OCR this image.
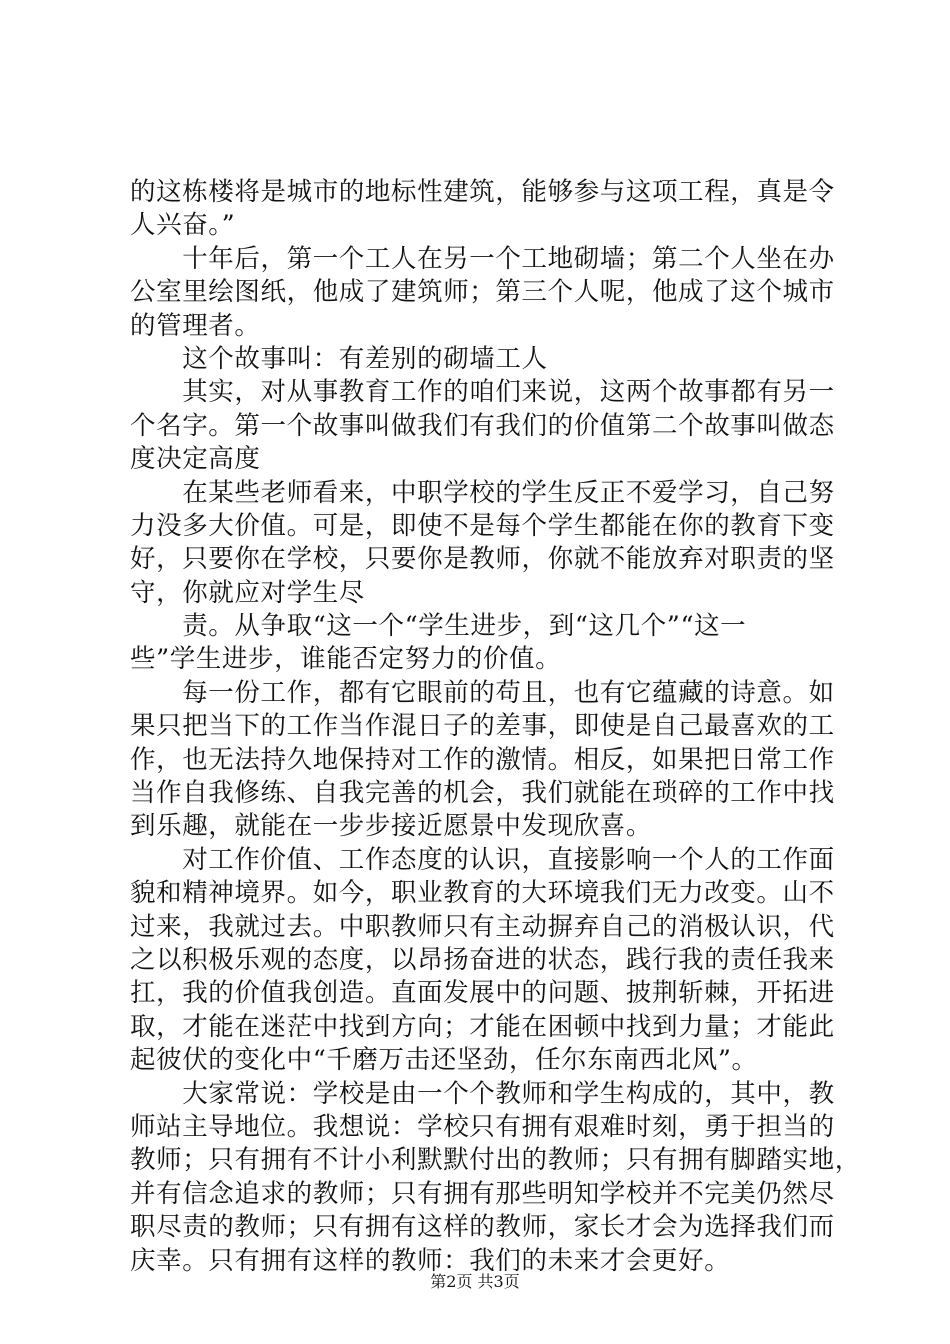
的这栋楼将是城市的地标性建筑，能够参与这项工程，真是令
人兴奋。”
　　十年后，第一个工人在另一个工地砌墙；第二个人坐在办
公室里绘图纸，他成了建筑师；第三个人呢，他成了这个城市
的管理者。
　　这个故事叫：有差别的砌墙工人
　　其实，对从事教育工作的咱们来说，这两个故事都有另一
个名字。第一个故事叫做我们有我们的价值第二个故事叫做态
度决定高度
　　在某些老师看来，中职学校的学生反正不爱学习，自己努
力没多大价值。可是，即使不是每个学生都能在你的教育下变
好，只要你在学校，只要你是教师，你就不能放弃对职责的坚
守，你就应对学生尽
　　责。从争取“这一个“学生进步，到“这几个”“这一
些”学生进步，谁能否定努力的价值。
　　每一份工作，都有它眼前的苟且，也有它蕴藏的诗意。如
果只把当下的工作当作混日子的差事，即使是自己最喜欢的工
作，也无法持久地保持对工作的激情。相反，如果把日常工作
当作自我修练、自我完善的机会，我们就能在琐碎的工作中找
到乐趣，就能在一步步接近愿景中发现欣喜。
　　对工作价值、工作态度的认识，直接影响一个人的工作面
貌和精神境界。如今，职业教育的大环境我们无力改变。山不
过来，我就过去。中职教师只有主动摒弃自己的消极认识，代
之以积极乐观的态度，以昂扬奋进的状态，践行我的责任我来
扛，我的价值我创造。直面发展中的问题、披荆斩棘，开拓进
取，才能在迷茫中找到方向；才能在困顿中找到力量；才能此
起彼伏的变化中“千磨万击还坚劲，任尔东南西北风”。
　　大家常说：学校是由一个个教师和学生构成的，其中，教
师站主导地位。我想说：学校只有拥有艰难时刻，勇于担当的
教师；只有拥有不计小利默默付出的教师；只有拥有脚踏实地，
并有信念追求的教师；只有拥有那些明知学校并不完美仍然尽
职尽责的教师；只有拥有这样的教师，家长才会为选择我们而
庆幸。只有拥有这样的教师：我们的未来才会更好。
第2页 共3页
